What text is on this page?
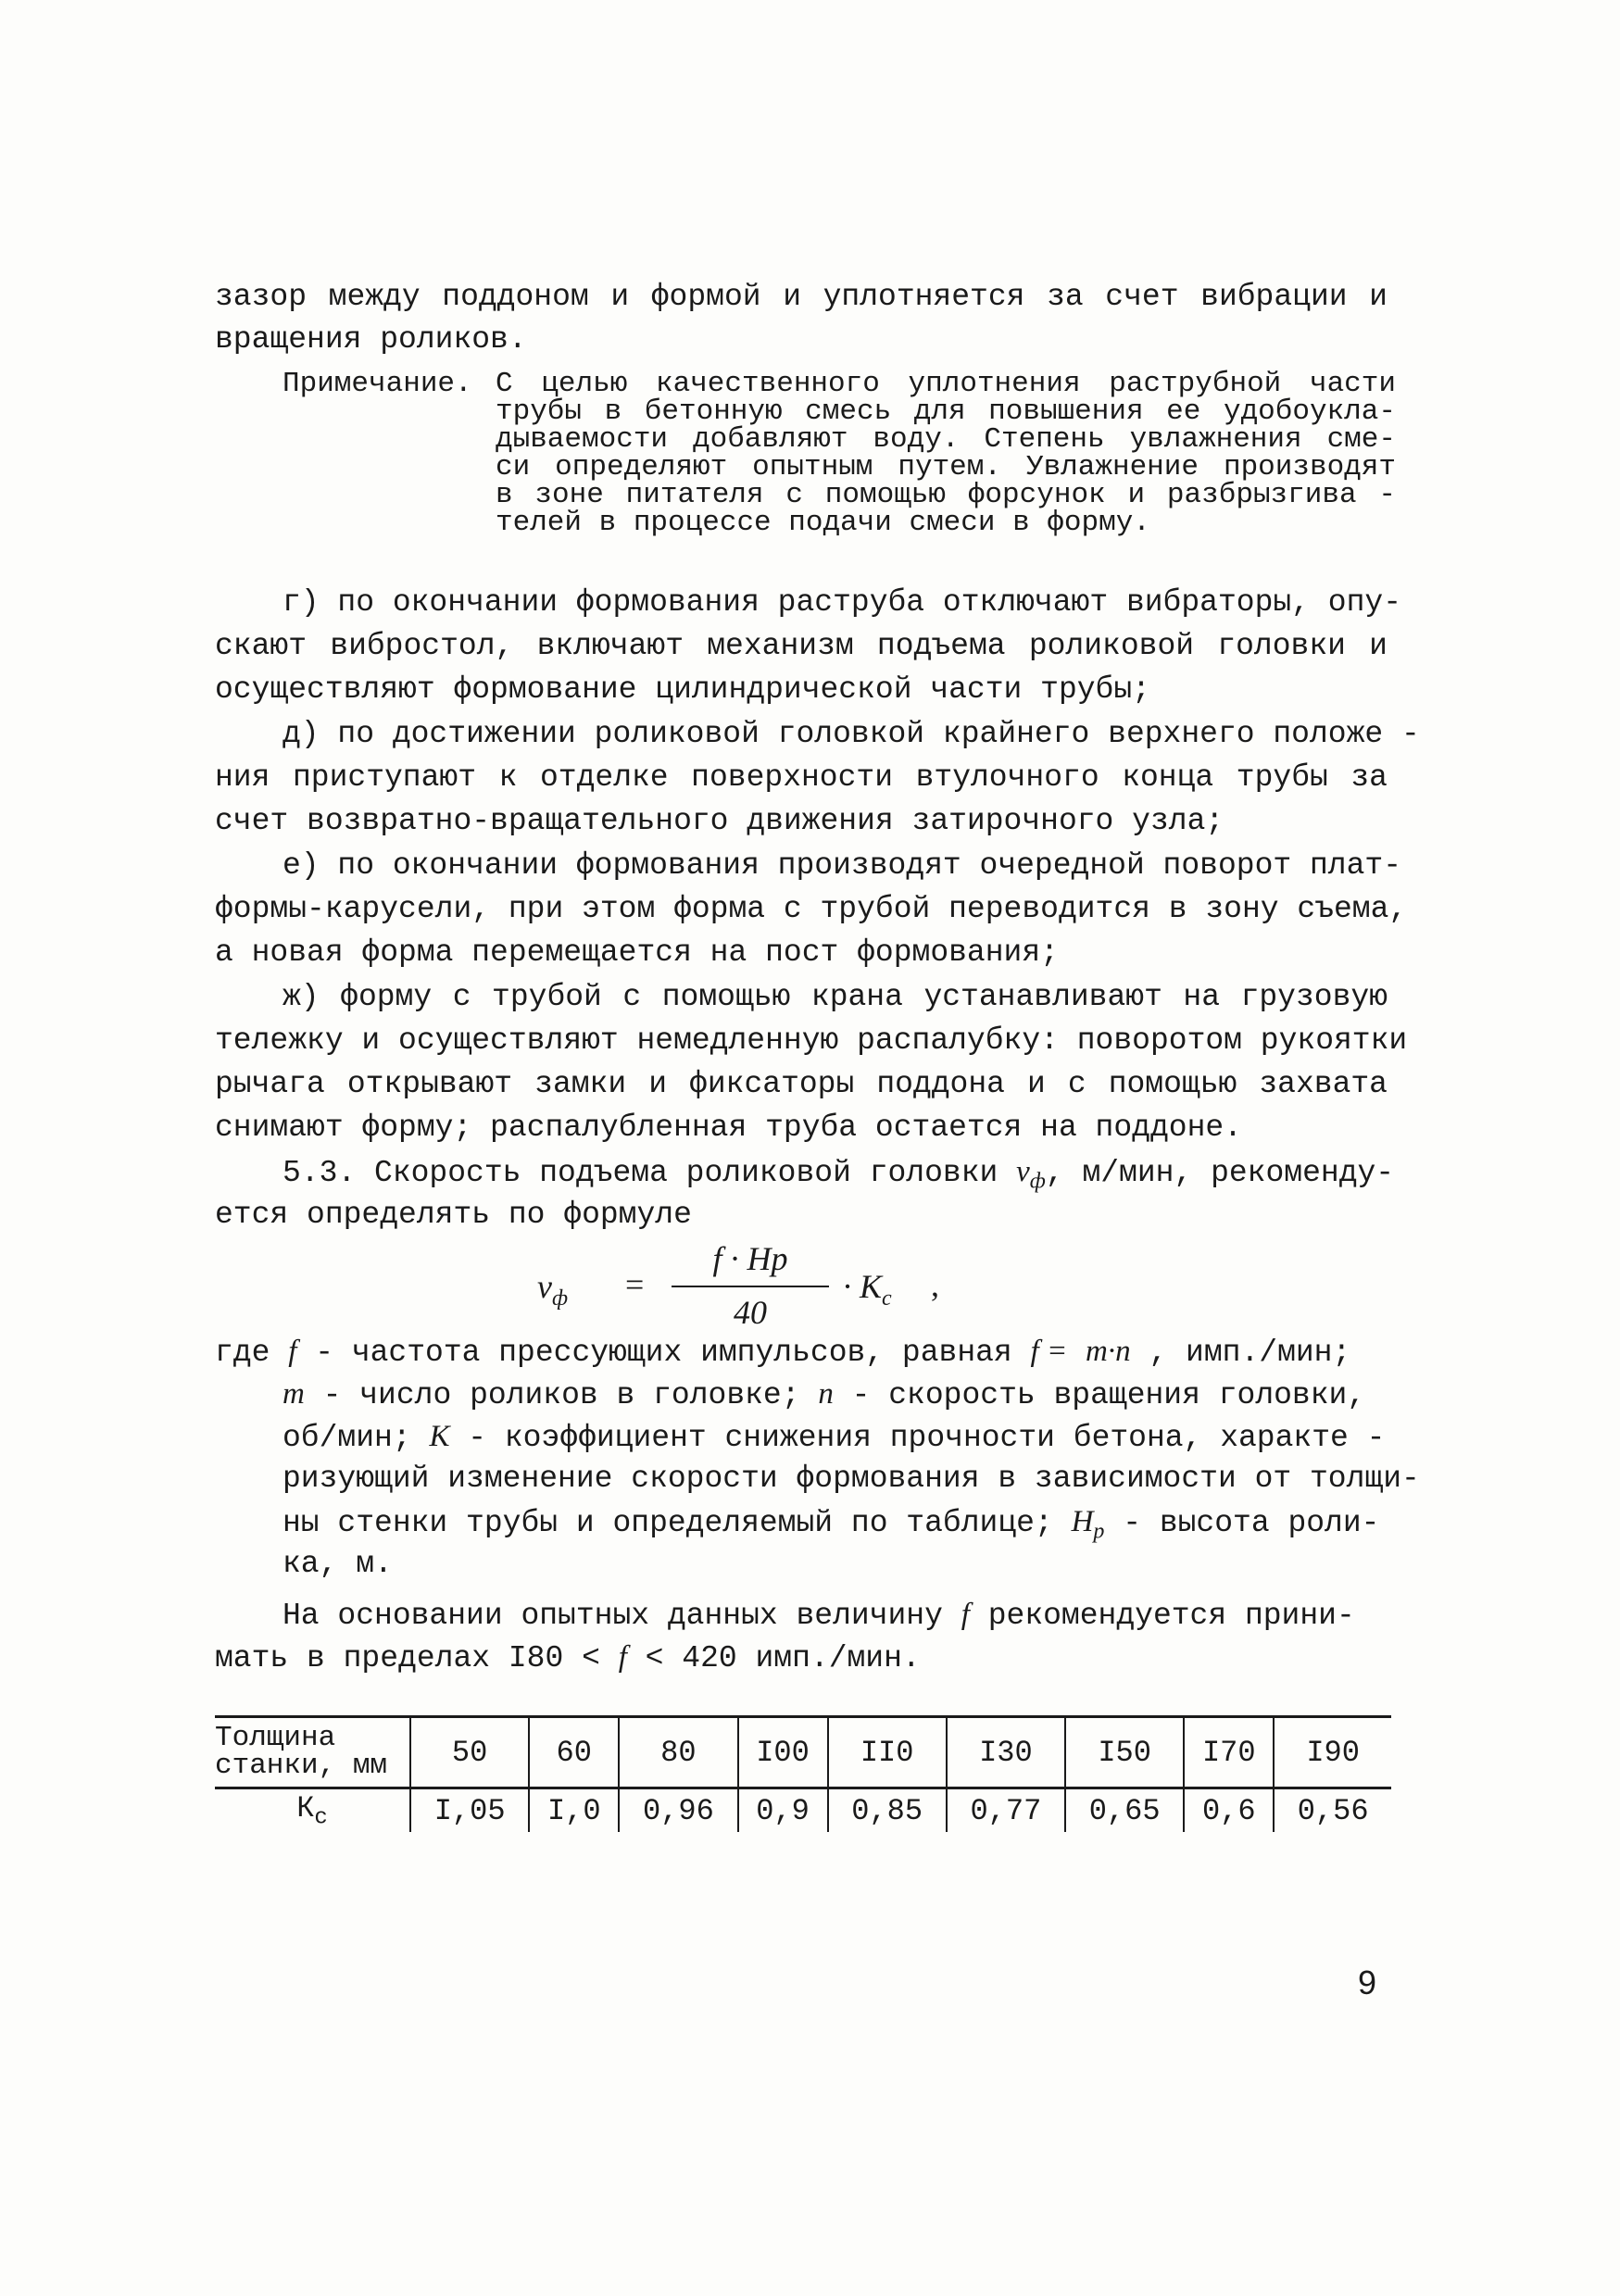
зазор между поддоном и формой и уплотняется за счет вибрации и
вращения роликов.
Примечание. С целью качественного уплотнения раструбной части
трубы в бетонную смесь для повышения ее удобоукла-
дываемости добавляют воду. Степень увлажнения сме-
си определяют опытным путем. Увлажнение производят
в зоне питателя с помощью форсунок и разбрызгива -
телей в процессе подачи смеси в форму.
г) по окончании формования раструба отключают вибраторы, опу-
скают вибростол, включают механизм подъема роликовой головки и
осуществляют формование цилиндрической части трубы;
д) по достижении роликовой головкой крайнего верхнего положе -
ния приступают к отделке поверхности втулочного конца трубы за
счет возвратно-вращательного движения затирочного узла;
е) по окончании формования производят очередной поворот плат-
формы-карусели, при этом форма с трубой переводится в зону съема,
а новая форма перемещается на пост формования;
ж) форму с трубой с помощью крана устанавливают на грузовую
тележку и осуществляют немедленную распалубку: поворотом рукоятки
рычага открывают замки и фиксаторы поддона и с помощью захвата
снимают форму; распалубленная труба остается на поддоне.
5.3. Скорость подъема роликовой головки $v_ф$, м/мин, рекоменду-
ется определять по формуле
$v_ф$ =
f · Hр
40
· $K_c$ ,
где f - частота прессующих импульсов, равная f = m·n , имп./мин;
m - число роликов в головке; n - скорость вращения головки,
об/мин; K - коэффициент снижения прочности бетона, характе -
ризующий изменение скорости формования в зависимости от толщи-
ны стенки трубы и определяемый по таблице; $H_р$ - высота роли-
ка, м.
На основании опытных данных величину f рекомендуется прини-
мать в пределах I80 < f < 420 имп./мин.
Толщина станки, мм	50	60	80	I00	II0	I30	I50	I70	I90
$К_с$	I,05	I,0	0,96	0,9	0,85	0,77	0,65	0,6	0,56
9
